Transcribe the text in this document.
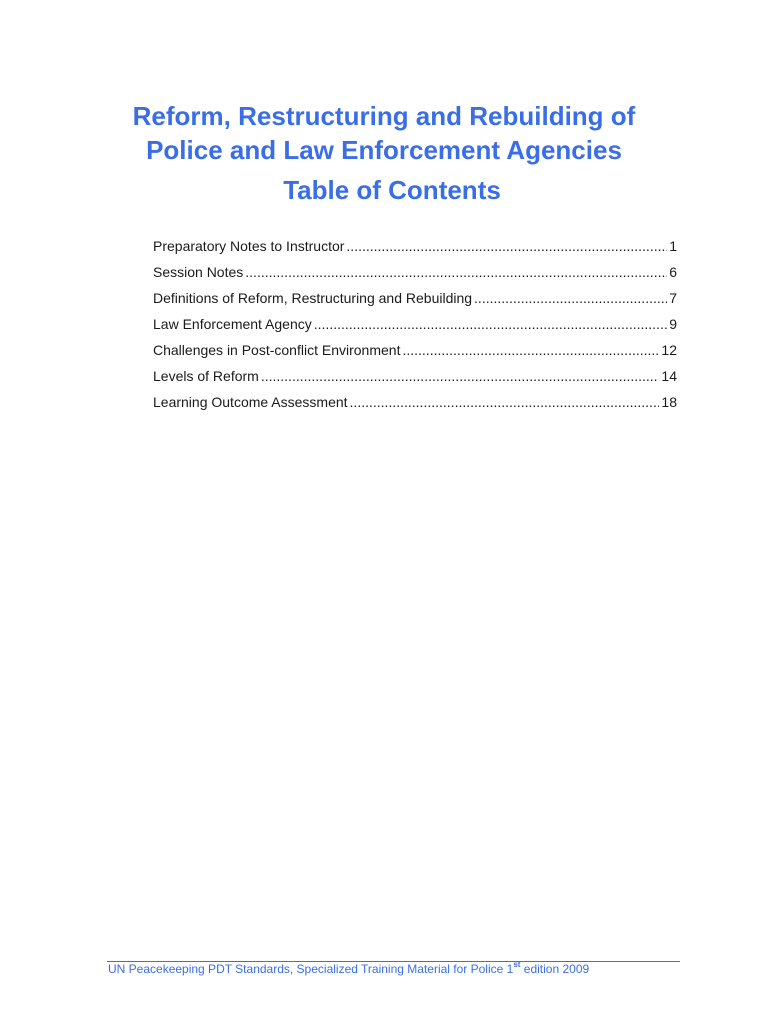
Reform, Restructuring and Rebuilding of
Police and Law Enforcement Agencies
Table of Contents
Preparatory Notes to Instructor .....	1
Session Notes .....	6
Definitions of Reform, Restructuring and Rebuilding .....	7
Law Enforcement Agency .....	9
Challenges in Post-conflict Environment .....	12
Levels of Reform .....	14
Learning Outcome Assessment .....	18
UN Peacekeeping PDT Standards, Specialized Training Material for Police 1st edition 2009
